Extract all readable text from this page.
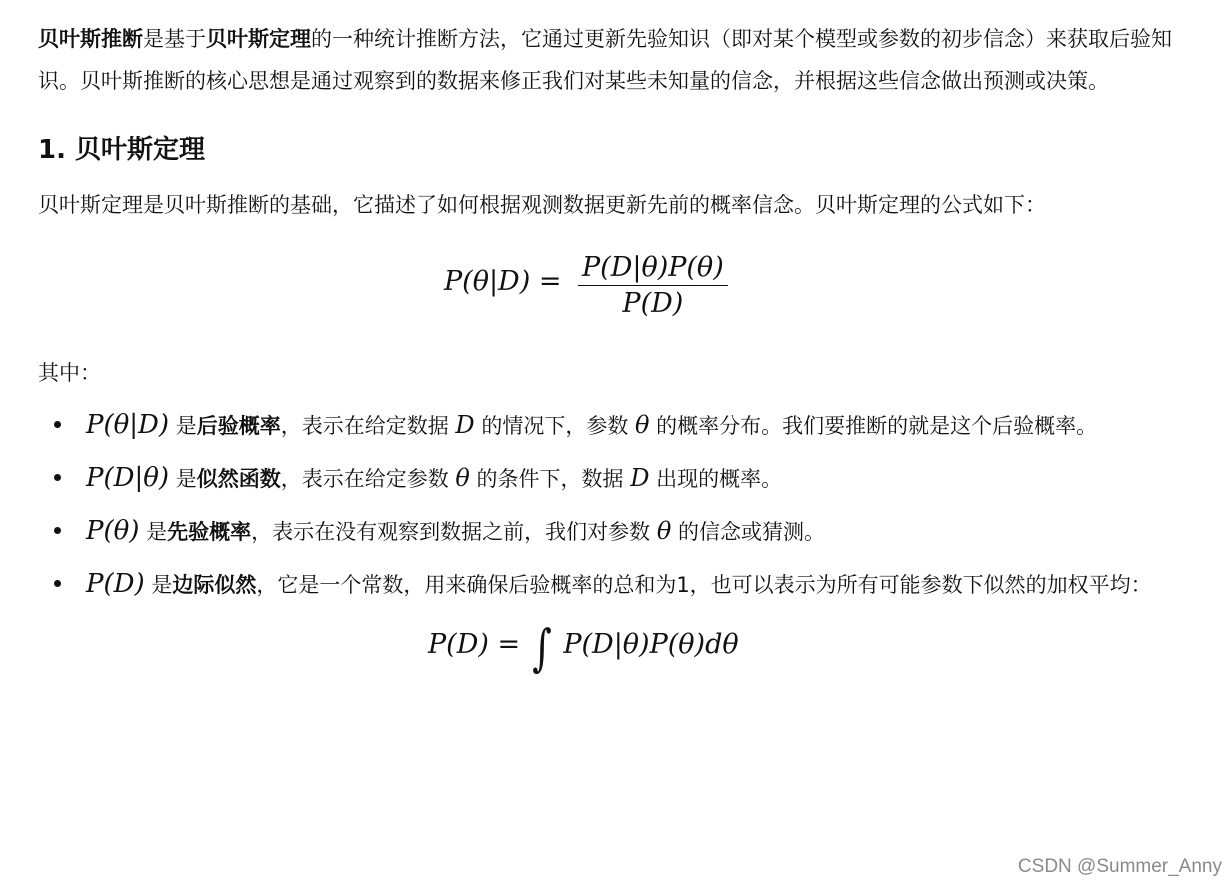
贝叶斯推断是基于贝叶斯定理的一种统计推断方法，它通过更新先验知识（即对某个模型或参数的初步信念）来获取后验知识。贝叶斯推断的核心思想是通过观察到的数据来修正我们对某些未知量的信念，并根据这些信念做出预测或决策。

1. 贝叶斯定理

贝叶斯定理是贝叶斯推断的基础，它描述了如何根据观测数据更新先前的概率信念。贝叶斯定理的公式如下：

$P(\theta|D) = \frac{P(D|\theta)P(\theta)}{P(D)}$

其中：

P(θ|D) 是后验概率，表示在给定数据 D 的情况下，参数 θ 的概率分布。我们要推断的就是这个后验概率。
P(D|θ) 是似然函数，表示在给定参数 θ 的条件下，数据 D 出现的概率。
P(θ) 是先验概率，表示在没有观察到数据之前，我们对参数 θ 的信念或猜测。
P(D) 是边际似然，它是一个常数，用来确保后验概率的总和为1，也可以表示为所有可能参数下似然的加权平均：
P(D) = ∫ P(D|θ)P(θ)dθ
CSDN @Summer_Anny
